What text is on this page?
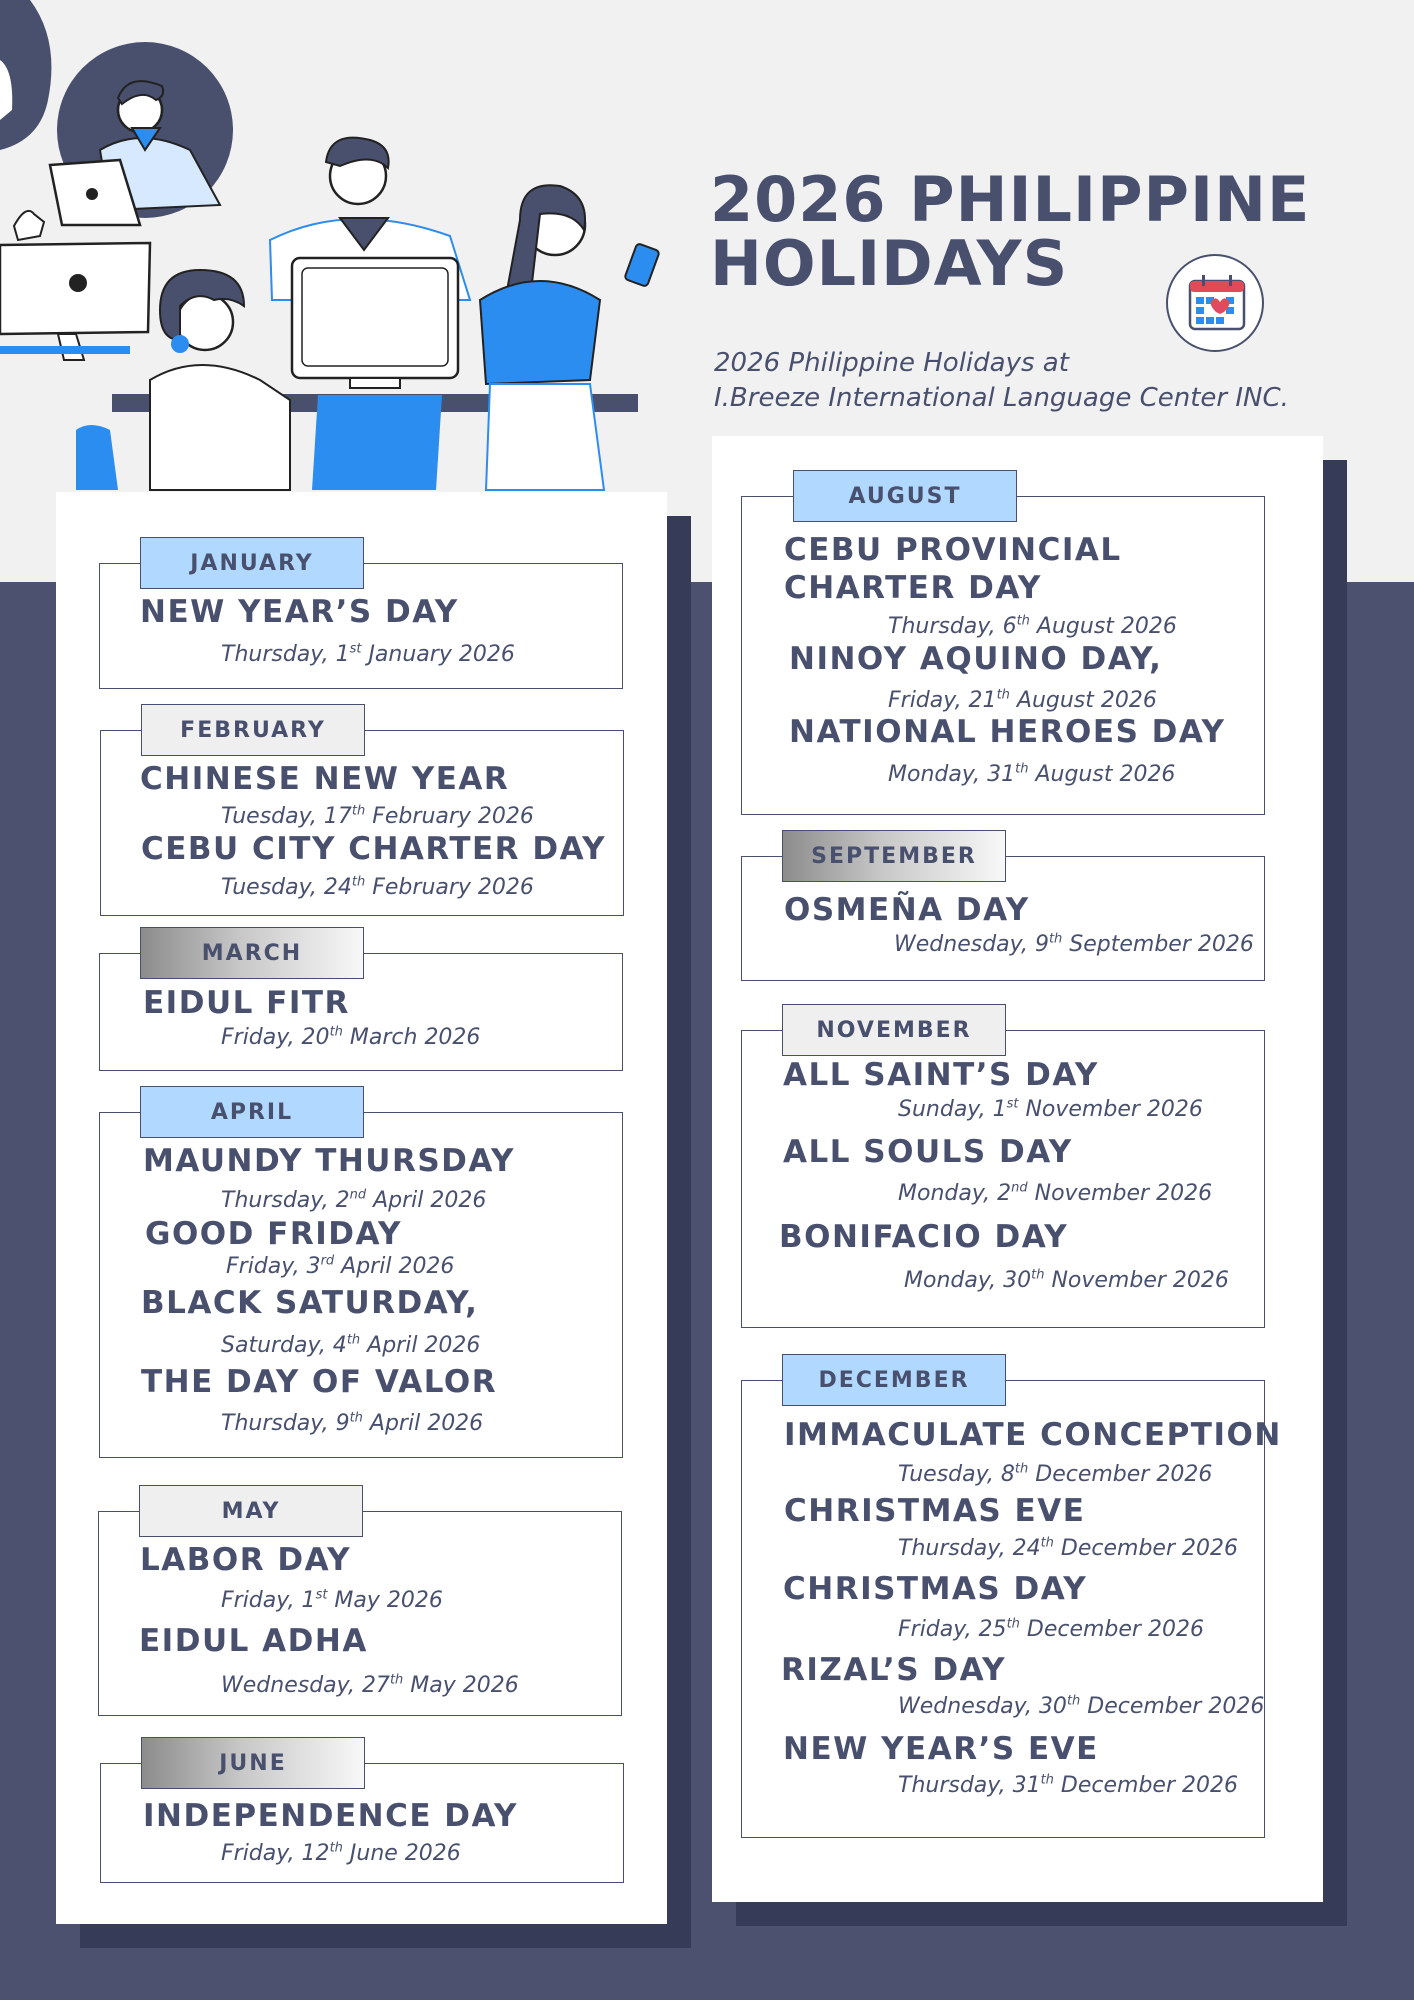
2026 PHILIPPINE HOLIDAYS
2026 Philippine Holidays at
I.Breeze International Language Center INC.
JANUARY
NEW YEAR’S DAY
Thursday, 1st January 2026
FEBRUARY
CHINESE NEW YEAR
Tuesday, 17th February 2026
CEBU CITY CHARTER DAY
Tuesday, 24th February 2026
MARCH
EIDUL FITR
Friday, 20th March 2026
APRIL
MAUNDY THURSDAY
Thursday, 2nd April 2026
GOOD FRIDAY
Friday, 3rd April 2026
BLACK SATURDAY,
Saturday, 4th April 2026
THE DAY OF VALOR
Thursday, 9th April 2026
MAY
LABOR DAY
Friday, 1st May 2026
EIDUL ADHA
Wednesday, 27th May 2026
JUNE
INDEPENDENCE DAY
Friday, 12th June 2026
AUGUST
CEBU PROVINCIAL
CHARTER DAY
Thursday, 6th August 2026
NINOY AQUINO DAY,
Friday, 21th August 2026
NATIONAL HEROES DAY
Monday, 31th August 2026
SEPTEMBER
OSMEÑA DAY
Wednesday, 9th September 2026
NOVEMBER
ALL SAINT’S DAY
Sunday, 1st November 2026
ALL SOULS DAY
Monday, 2nd November 2026
BONIFACIO DAY
Monday, 30th November 2026
DECEMBER
IMMACULATE CONCEPTION
Tuesday, 8th December 2026
CHRISTMAS EVE
Thursday, 24th December 2026
CHRISTMAS DAY
Friday, 25th December 2026
RIZAL’S DAY
Wednesday, 30th December 2026
NEW YEAR’S EVE
Thursday, 31th December 2026
